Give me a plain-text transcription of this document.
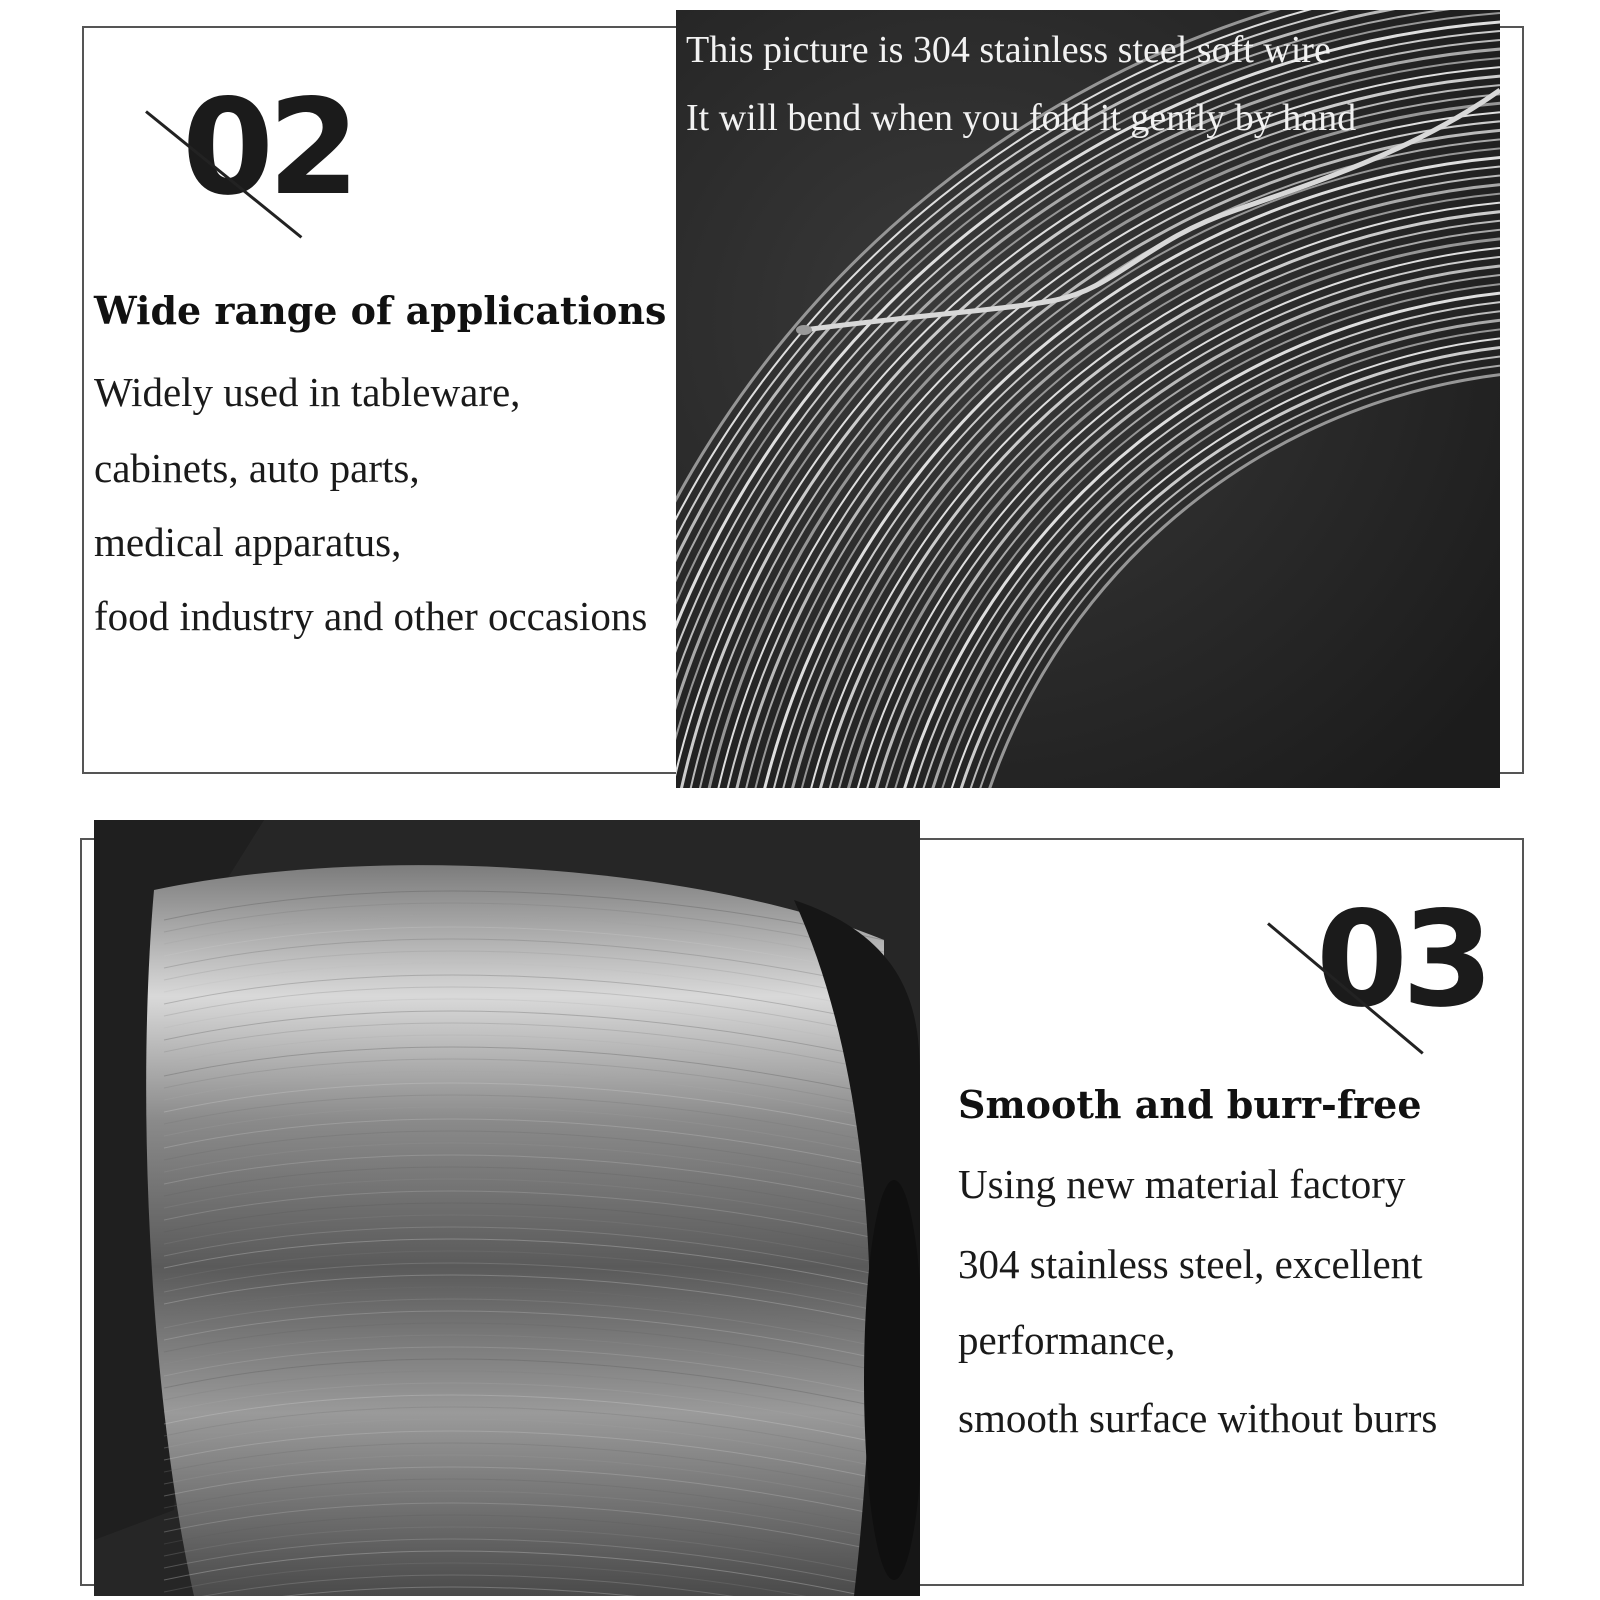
02
Wide range of applications
Widely used in tableware,
cabinets, auto parts,
medical apparatus,
food industry and other occasions
This picture is 304 stainless steel soft wire
It will bend when you fold it gently by hand
03
Smooth and burr-free
Using new material factory
304 stainless steel, excellent
performance,
smooth surface without burrs
